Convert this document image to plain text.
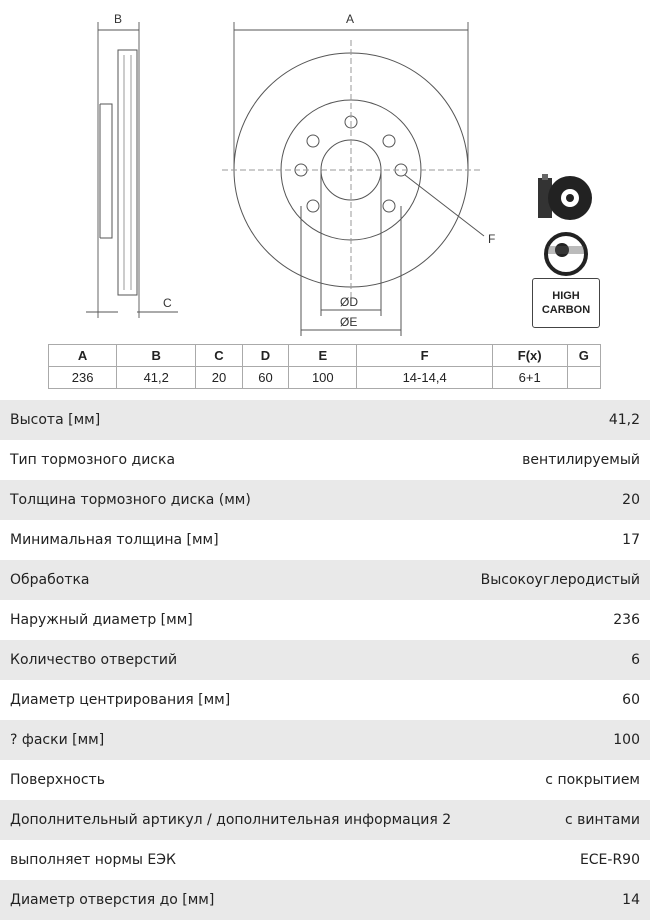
B	A
C	ØD
ØE
F
HIGH
CARBON
A	B	C	D	E	F	F(x)	G
236	41,2	20	60	100	14-14,4	6+1	
Высота [мм]	41,2
Тип тормозного диска	вентилируемый
Толщина тормозного диска (мм)	20
Минимальная толщина [мм]	17
Обработка	Высокоуглеродистый
Наружный диаметр [мм]	236
Количество отверстий	6
Диаметр центрирования [мм]	60
? фаски [мм]	100
Поверхность	с покрытием
Дополнительный артикул / дополнительная информация 2	с винтами
выполняет нормы ЕЭК	ECE-R90
Диаметр отверстия до [мм]	14
